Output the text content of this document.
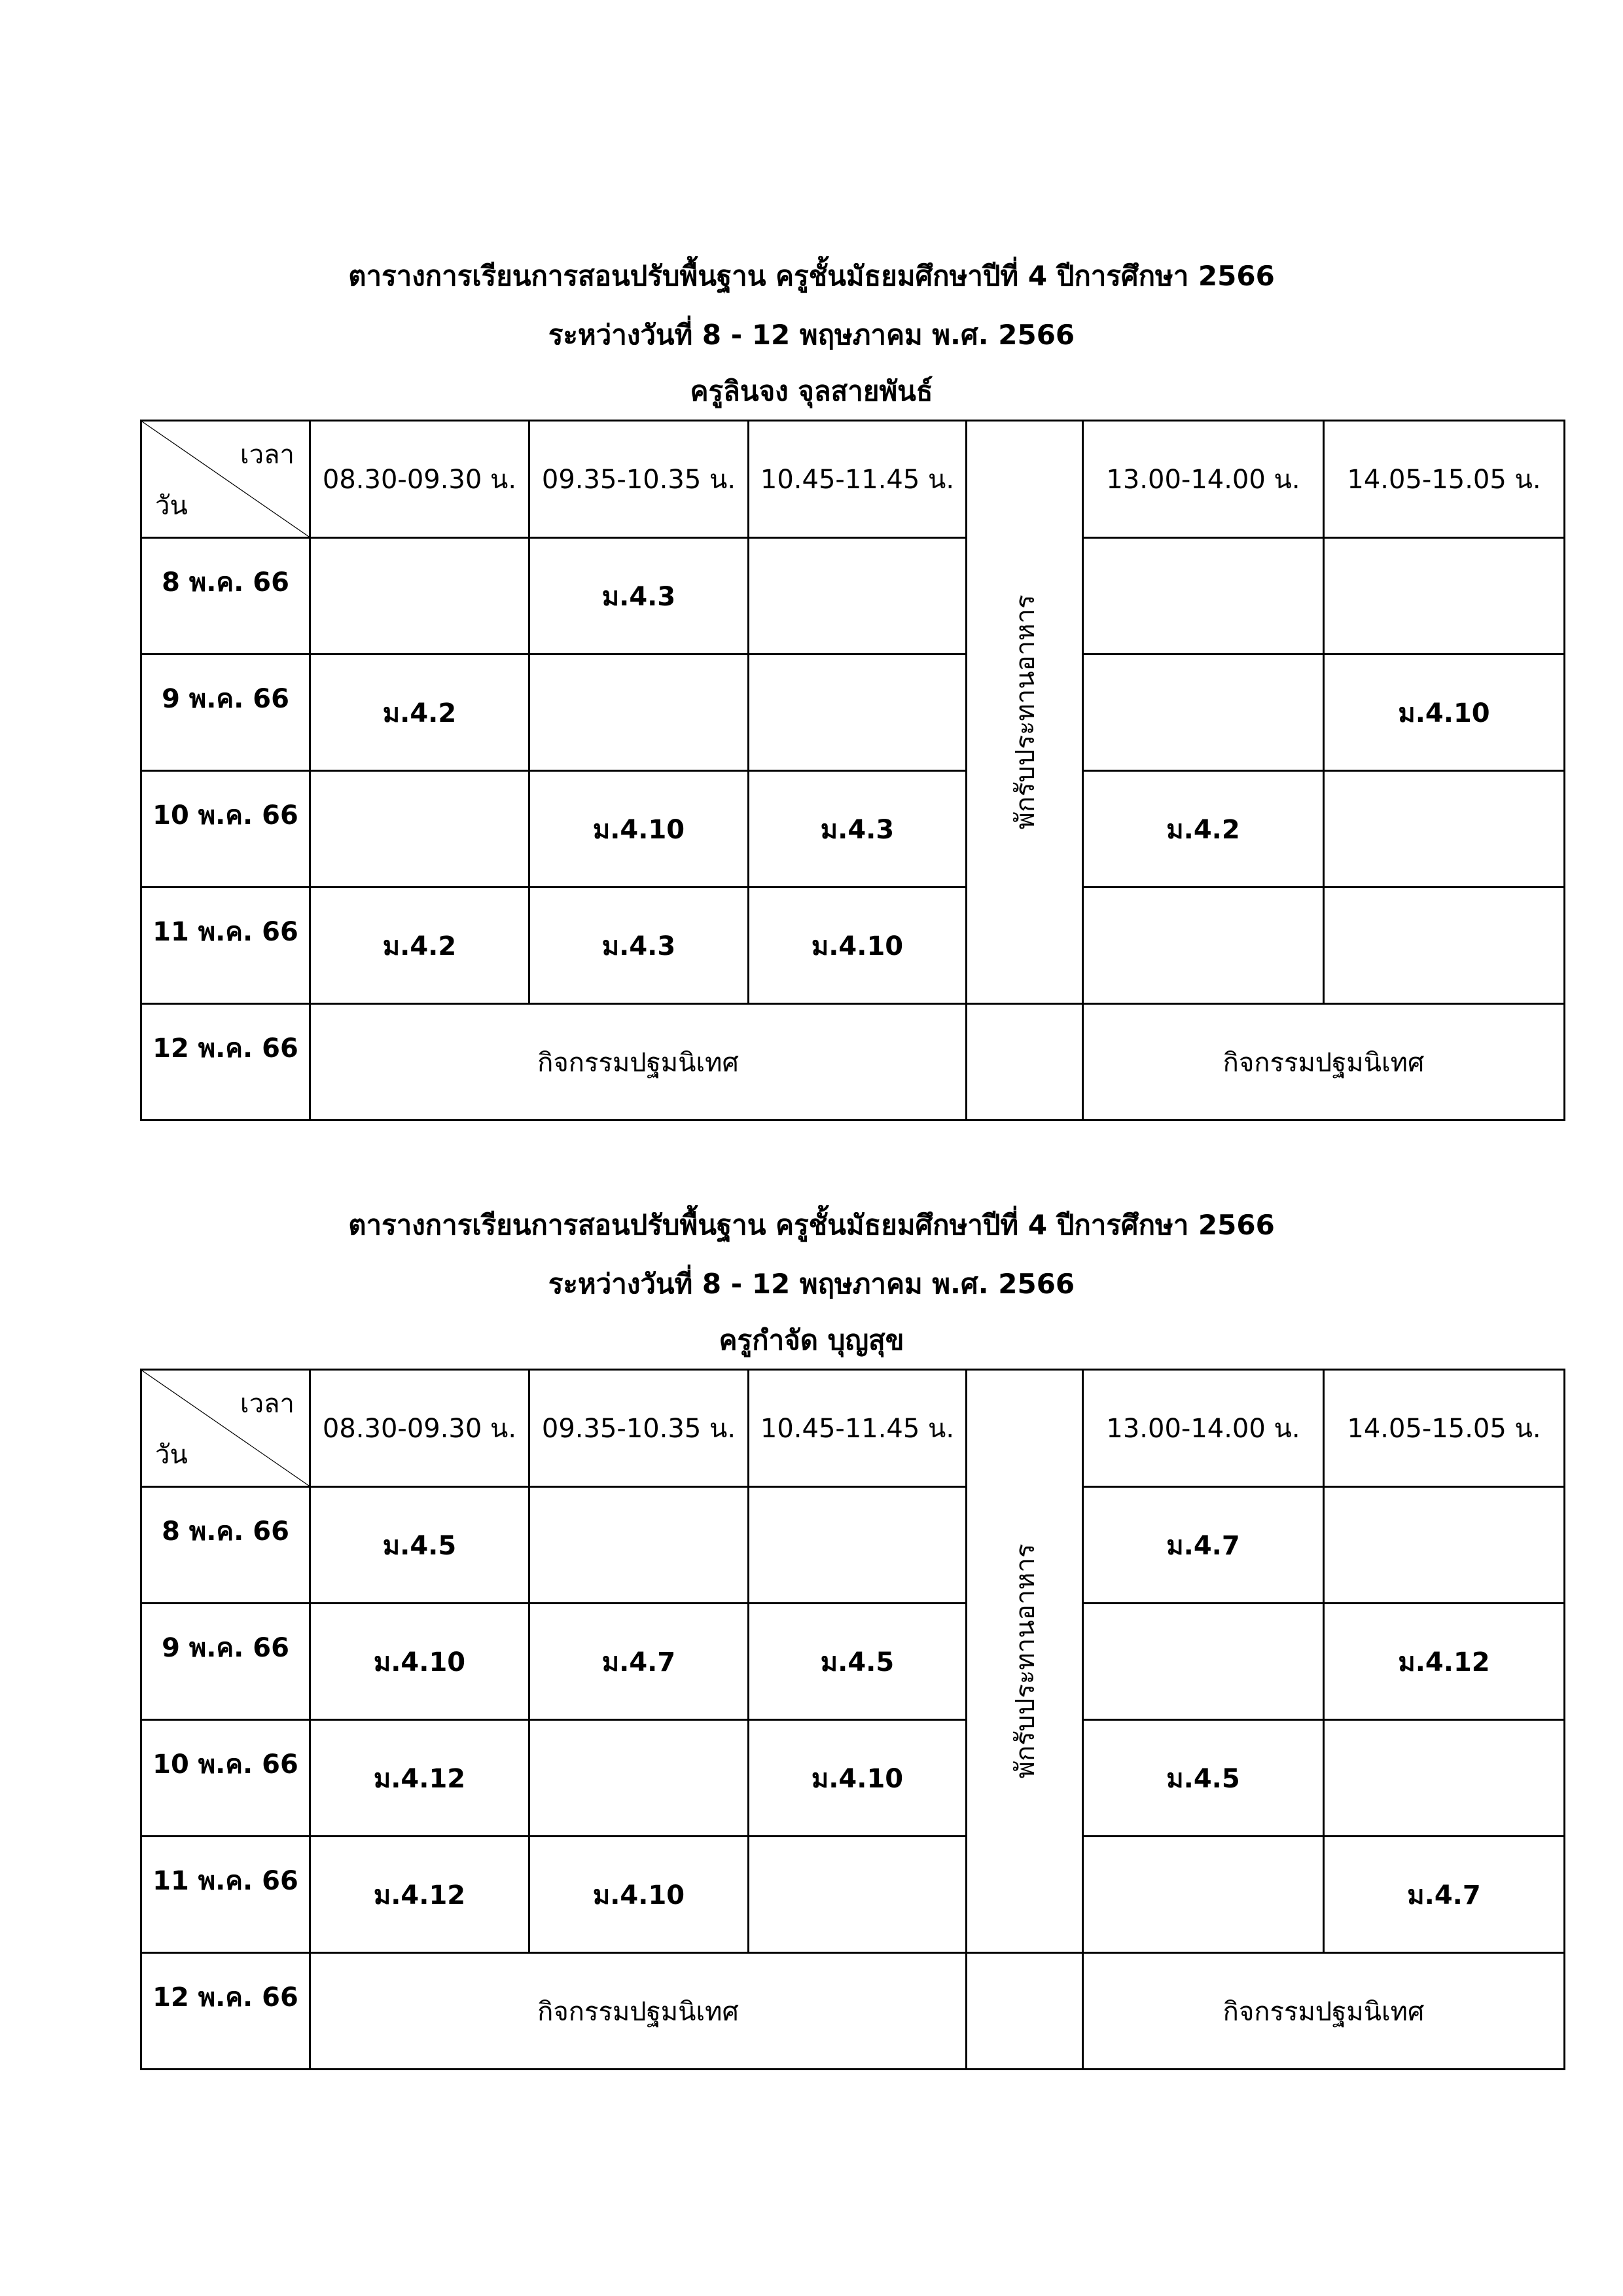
ตารางการเรียนการสอนปรับพื้นฐาน ครูชั้นมัธยมศึกษาปีที่ 4 ปีการศึกษา 2566
ระหว่างวันที่ 8 - 12 พฤษภาคม พ.ศ. 2566
ครูลินจง จุลสายพันธ์
เวลา
วัน	08.30-09.30 น.	09.35-10.35 น.	10.45-11.45 น.	พักรับประทานอาหาร	13.00-14.00 น.	14.05-15.05 น.
8 พ.ค. 66		ม.4.3				
9 พ.ค. 66	ม.4.2					ม.4.10
10 พ.ค. 66		ม.4.10	ม.4.3		ม.4.2	
11 พ.ค. 66	ม.4.2	ม.4.3	ม.4.10			
12 พ.ค. 66	กิจกรรมปฐมนิเทศ				กิจกรรมปฐมนิเทศ	
ตารางการเรียนการสอนปรับพื้นฐาน ครูชั้นมัธยมศึกษาปีที่ 4 ปีการศึกษา 2566
ระหว่างวันที่ 8 - 12 พฤษภาคม พ.ศ. 2566
ครูกำจัด บุญสุข
เวลา
วัน	08.30-09.30 น.	09.35-10.35 น.	10.45-11.45 น.	พักรับประทานอาหาร	13.00-14.00 น.	14.05-15.05 น.
8 พ.ค. 66	ม.4.5				ม.4.7	
9 พ.ค. 66	ม.4.10	ม.4.7	ม.4.5			ม.4.12
10 พ.ค. 66	ม.4.12		ม.4.10		ม.4.5	
11 พ.ค. 66	ม.4.12	ม.4.10				ม.4.7
12 พ.ค. 66	กิจกรรมปฐมนิเทศ				กิจกรรมปฐมนิเทศ	
